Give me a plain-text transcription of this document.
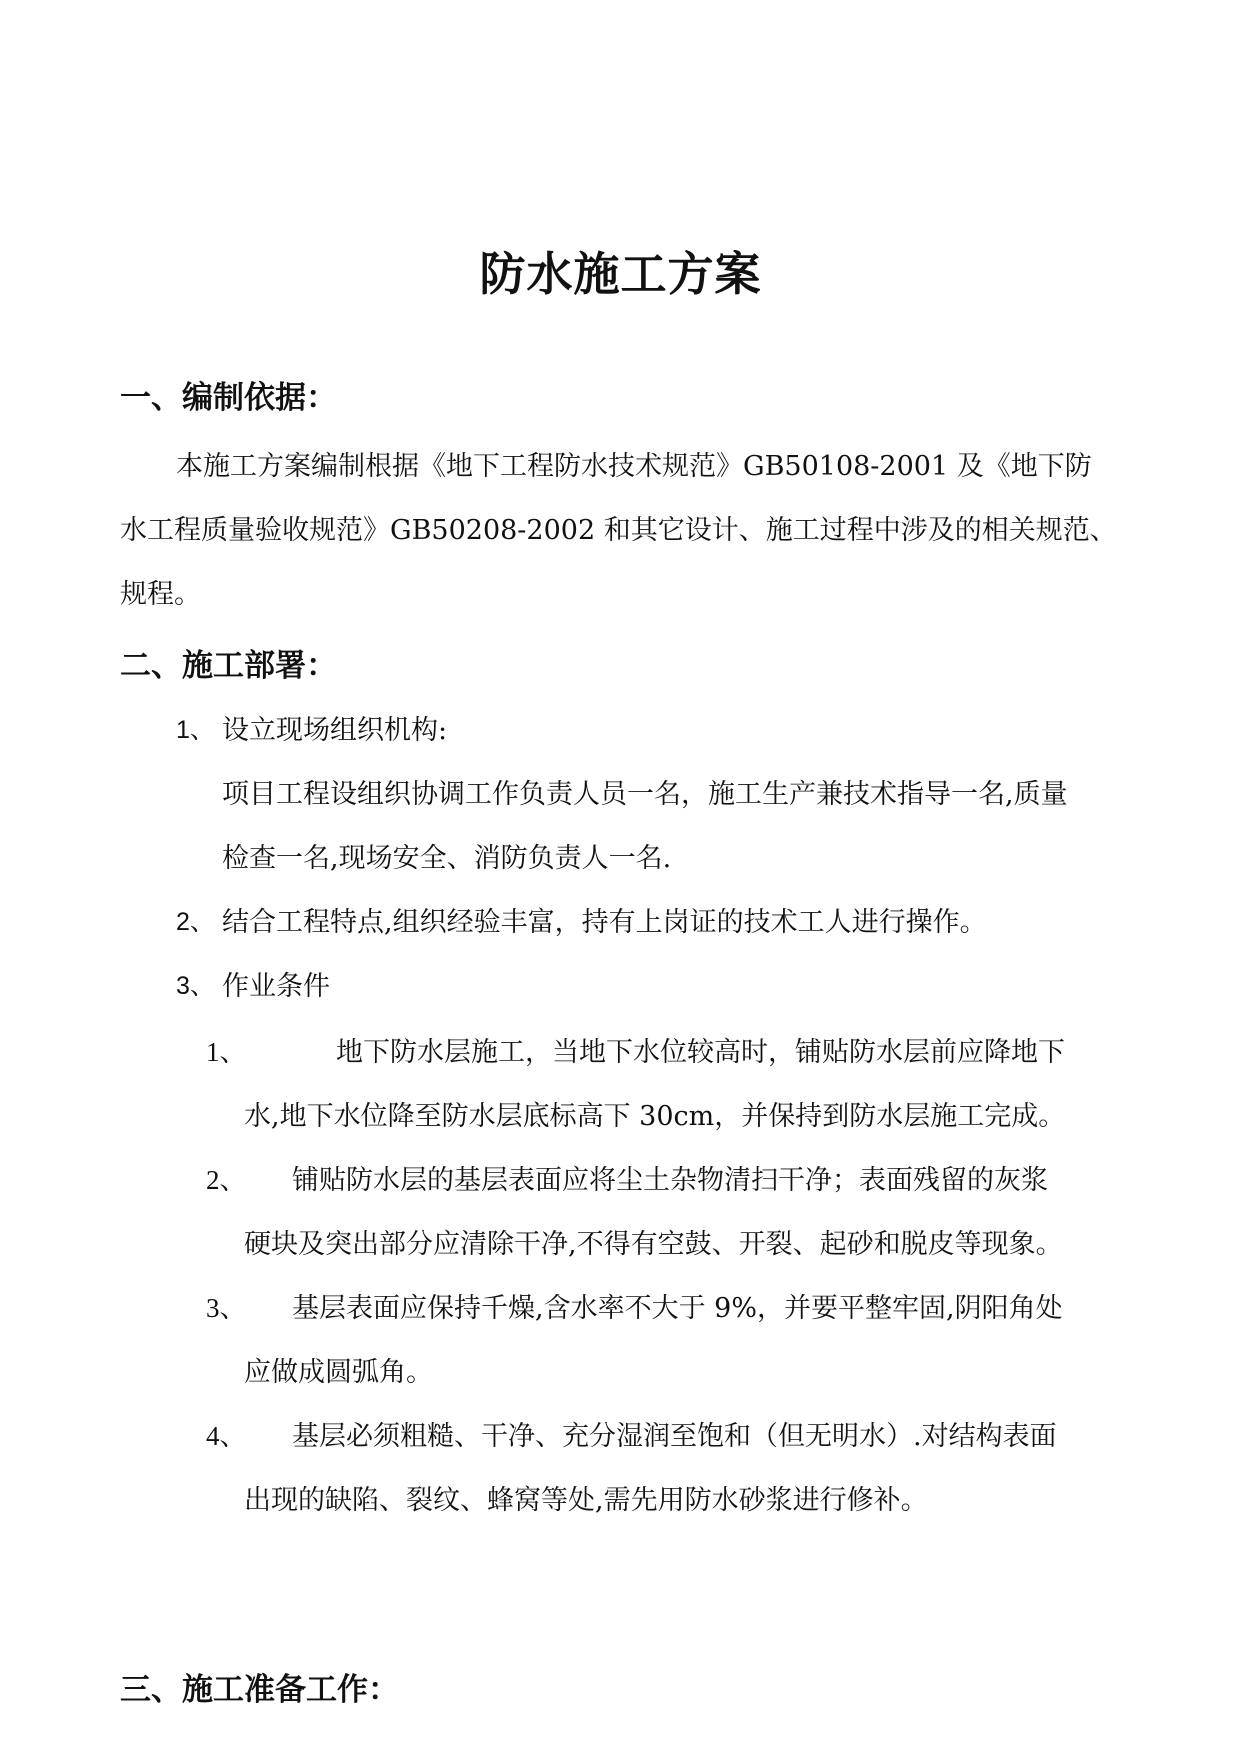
防水施工方案
一、编制依据：
本施工方案编制根据《地下工程防水技术规范》GB50108-2001 及《地下防
水工程质量验收规范》GB50208-2002 和其它设计、施工过程中涉及的相关规范、
规程。
二、施工部署：
1、 设立现场组织机构:
项目工程设组织协调工作负责人员一名，施工生产兼技术指导一名,质量
检查一名,现场安全、消防负责人一名.
2、 结合工程特点,组织经验丰富，持有上岗证的技术工人进行操作。
3、 作业条件
1、	地下防水层施工，当地下水位较高时，铺贴防水层前应降地下
水,地下水位降至防水层底标高下 30cm，并保持到防水层施工完成。
2、 铺贴防水层的基层表面应将尘土杂物清扫干净；表面残留的灰浆
硬块及突出部分应清除干净,不得有空鼓、开裂、起砂和脱皮等现象。
3、 基层表面应保持千燥,含水率不大于 9%，并要平整牢固,阴阳角处
应做成圆弧角。
4、 基层必须粗糙、干净、充分湿润至饱和（但无明水）.对结构表面
出现的缺陷、裂纹、蜂窝等处,需先用防水砂浆进行修补。
三、施工准备工作：
